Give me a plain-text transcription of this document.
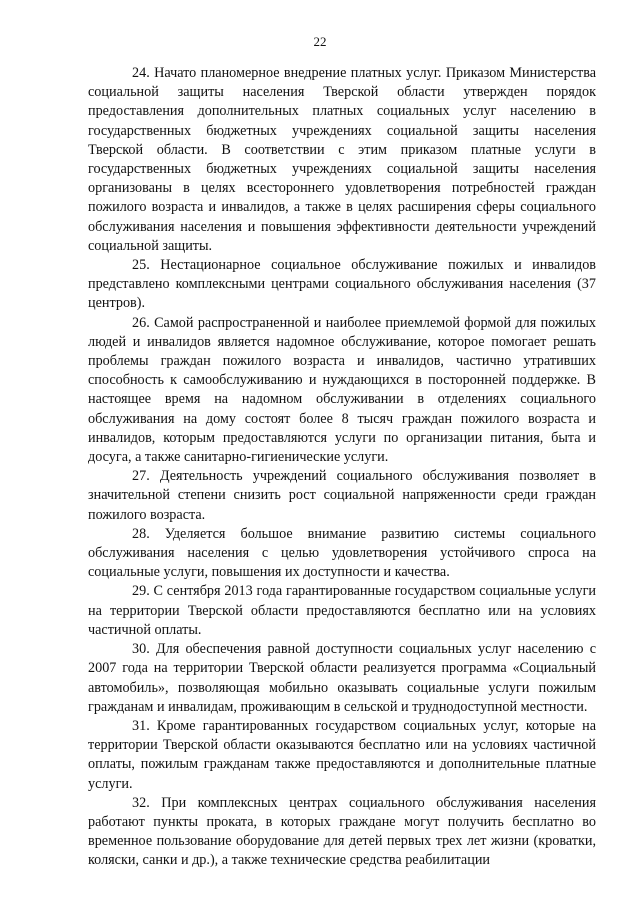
22

24. Начато планомерное внедрение платных услуг. Приказом Министерства социальной защиты населения Тверской области утвержден порядок предоставления дополнительных платных социальных услуг населению в государственных бюджетных учреждениях социальной защиты населения Тверской области. В соответствии с этим приказом платные услуги в государственных бюджетных учреждениях социальной защиты населения организованы в целях всестороннего удовлетворения потребностей граждан пожилого возраста и инвалидов, а также в целях расширения сферы социального обслуживания населения и повышения эффективности деятельности учреждений социальной защиты.

25. Нестационарное социальное обслуживание пожилых и инвалидов представлено комплексными центрами социального обслуживания населения (37 центров).

26. Самой распространенной и наиболее приемлемой формой для пожилых людей и инвалидов является надомное обслуживание, которое помогает решать проблемы граждан пожилого возраста и инвалидов, частично утративших способность к самообслуживанию и нуждающихся в посторонней поддержке. В настоящее время на надомном обслуживании в отделениях социального обслуживания на дому состоят более 8 тысяч граждан пожилого возраста и инвалидов, которым предоставляются услуги по организации питания, быта и досуга, а также санитарно-гигиенические услуги.

27. Деятельность учреждений социального обслуживания позволяет в значительной степени снизить рост социальной напряженности среди граждан пожилого возраста.

28. Уделяется большое внимание развитию системы социального обслуживания населения с целью удовлетворения устойчивого спроса на социальные услуги, повышения их доступности и качества.

29. С сентября 2013 года гарантированные государством социальные услуги на территории Тверской области предоставляются бесплатно или на условиях частичной оплаты.

30. Для обеспечения равной доступности социальных услуг населению с 2007 года на территории Тверской области реализуется программа «Социальный автомобиль», позволяющая мобильно оказывать социальные услуги пожилым гражданам и инвалидам, проживающим в сельской и труднодоступной местности.

31. Кроме гарантированных государством социальных услуг, которые на территории Тверской области оказываются бесплатно или на условиях частичной оплаты, пожилым гражданам также предоставляются и дополнительные платные услуги.

32. При комплексных центрах социального обслуживания населения работают пункты проката, в которых граждане могут получить бесплатно во временное пользование оборудование для детей первых трех лет жизни (кроватки, коляски, санки и др.), а также технические средства реабилитации
